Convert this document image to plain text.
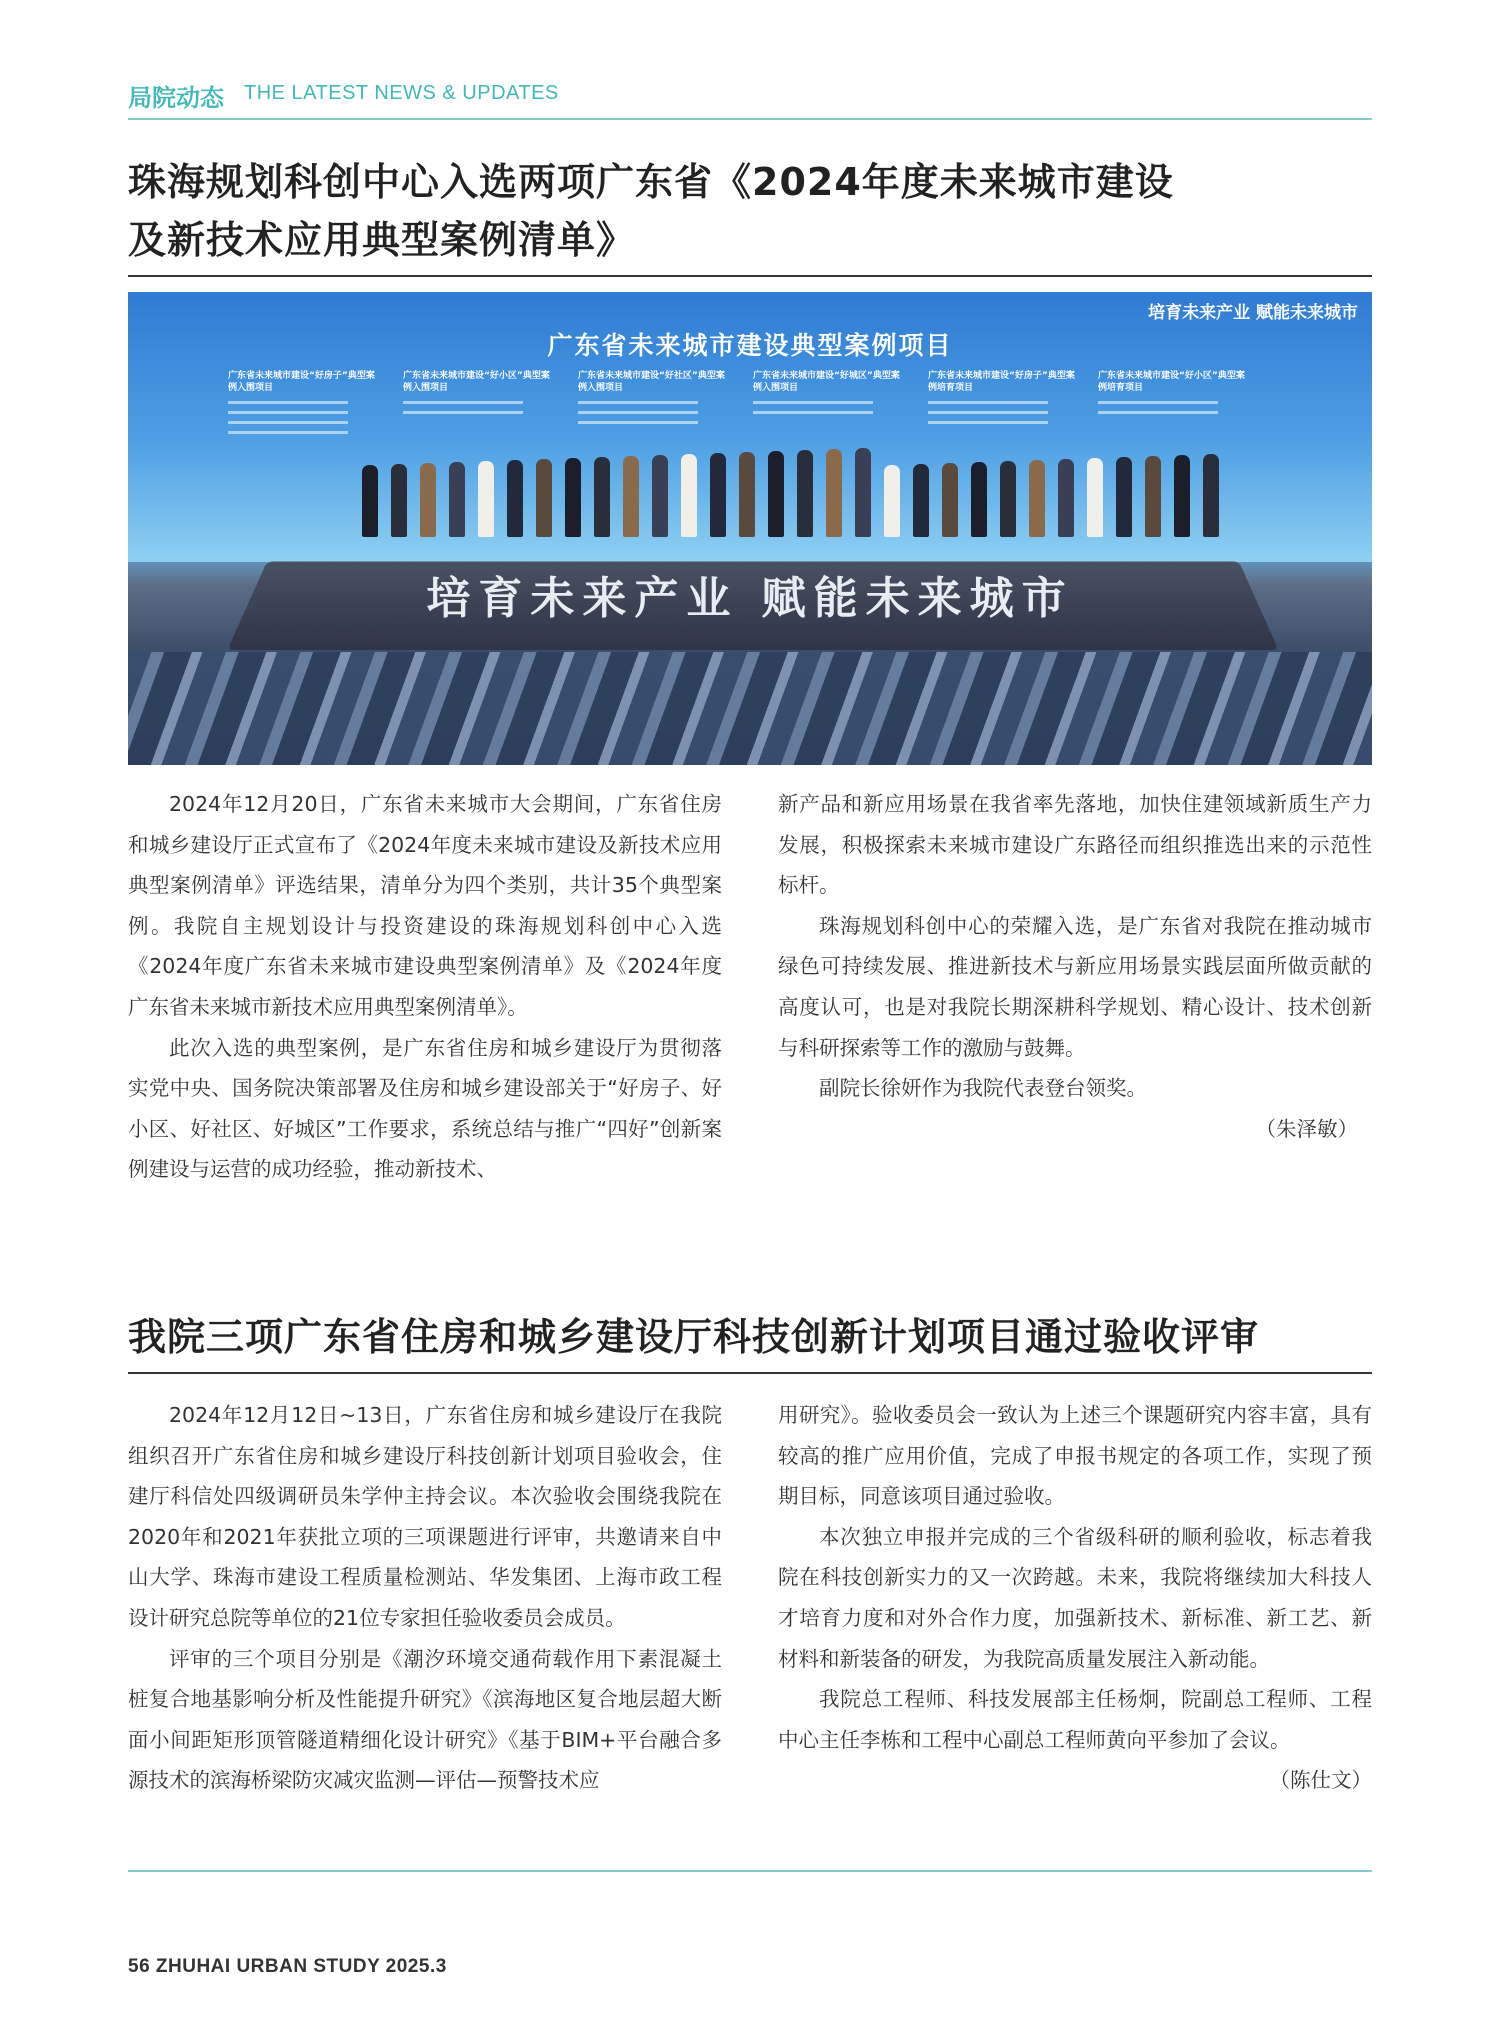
局院动态 THE LATEST NEWS & UPDATES
珠海规划科创中心入选两项广东省《2024年度未来城市建设
及新技术应用典型案例清单》
培育未来产业 赋能未来城市
广东省未来城市建设典型案例项目
广东省未来城市建设“好房子”典型案例入围项目
广东省未来城市建设“好小区”典型案例入围项目
广东省未来城市建设“好社区”典型案例入围项目
广东省未来城市建设“好城区”典型案例入围项目
广东省未来城市建设“好房子”典型案例培育项目
广东省未来城市建设“好小区”典型案例培育项目
培育未来产业 赋能未来城市

2024年12月20日，广东省未来城市大会期间，广东省住房和城乡建设厅正式宣布了《2024年度未来城市建设及新技术应用典型案例清单》评选结果，清单分为四个类别，共计35个典型案例。我院自主规划设计与投资建设的珠海规划科创中心入选《2024年度广东省未来城市建设典型案例清单》及《2024年度广东省未来城市新技术应用典型案例清单》。

此次入选的典型案例，是广东省住房和城乡建设厅为贯彻落实党中央、国务院决策部署及住房和城乡建设部关于“好房子、好小区、好社区、好城区”工作要求，系统总结与推广“四好”创新案例建设与运营的成功经验，推动新技术、

新产品和新应用场景在我省率先落地，加快住建领域新质生产力发展，积极探索未来城市建设广东路径而组织推选出来的示范性标杆。

珠海规划科创中心的荣耀入选，是广东省对我院在推动城市绿色可持续发展、推进新技术与新应用场景实践层面所做贡献的高度认可，也是对我院长期深耕科学规划、精心设计、技术创新与科研探索等工作的激励与鼓舞。

副院长徐妍作为我院代表登台领奖。

（朱泽敏）

我院三项广东省住房和城乡建设厅科技创新计划项目通过验收评审

2024年12月12日~13日，广东省住房和城乡建设厅在我院组织召开广东省住房和城乡建设厅科技创新计划项目验收会，住建厅科信处四级调研员朱学仲主持会议。本次验收会围绕我院在2020年和2021年获批立项的三项课题进行评审，共邀请来自中山大学、珠海市建设工程质量检测站、华发集团、上海市政工程设计研究总院等单位的21位专家担任验收委员会成员。

评审的三个项目分别是《潮汐环境交通荷载作用下素混凝土桩复合地基影响分析及性能提升研究》《滨海地区复合地层超大断面小间距矩形顶管隧道精细化设计研究》《基于BIM+平台融合多源技术的滨海桥梁防灾减灾监测—评估—预警技术应

用研究》。验收委员会一致认为上述三个课题研究内容丰富，具有较高的推广应用价值，完成了申报书规定的各项工作，实现了预期目标，同意该项目通过验收。

本次独立申报并完成的三个省级科研的顺利验收，标志着我院在科技创新实力的又一次跨越。未来，我院将继续加大科技人才培育力度和对外合作力度，加强新技术、新标准、新工艺、新材料和新装备的研发，为我院高质量发展注入新动能。

我院总工程师、科技发展部主任杨炯，院副总工程师、工程中心主任李栋和工程中心副总工程师黄向平参加了会议。

（陈仕文）

56 ZHUHAI URBAN STUDY 2025.3
